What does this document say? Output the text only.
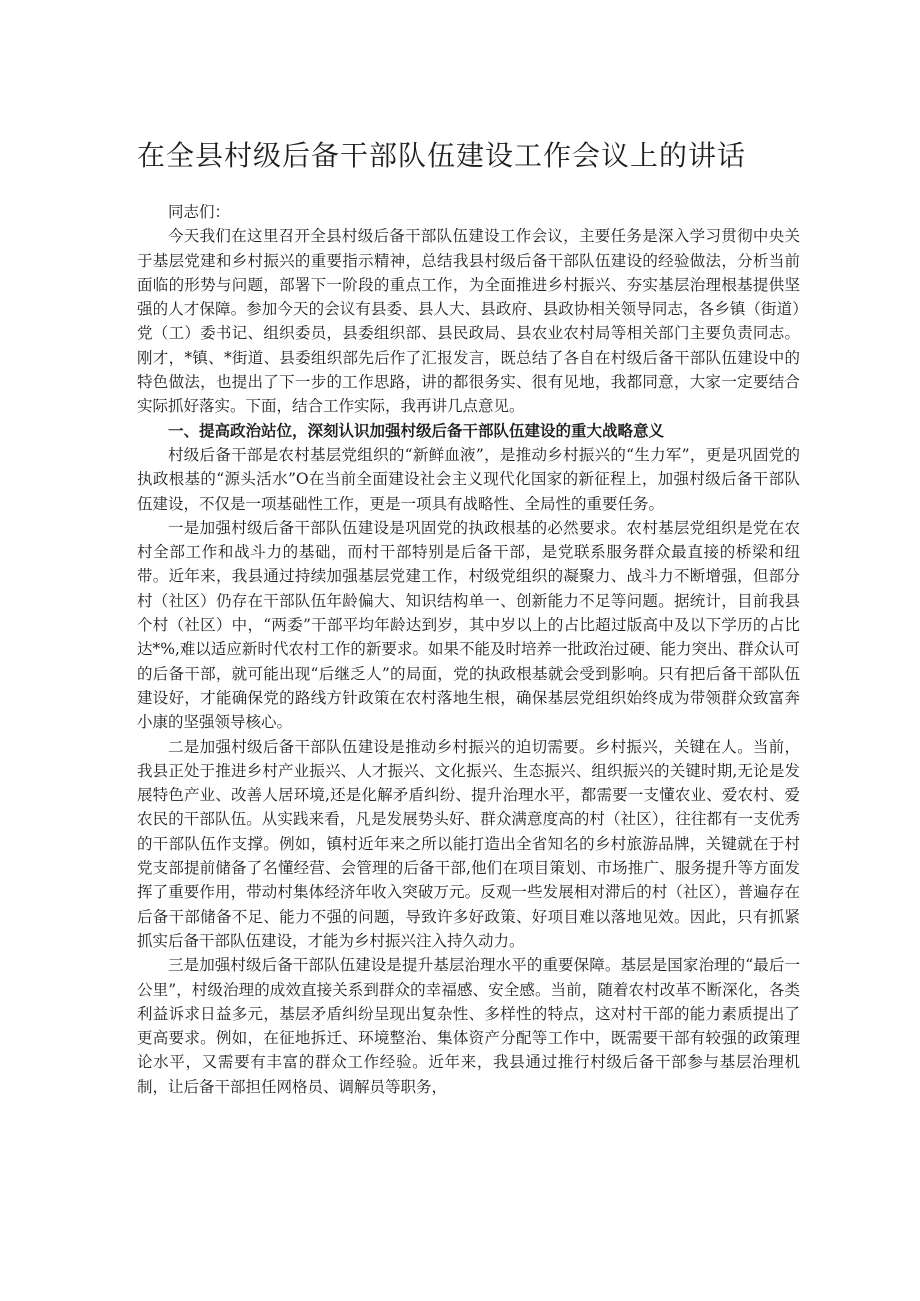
在全县村级后备干部队伍建设工作会议上的讲话

同志们：

今天我们在这里召开全县村级后备干部队伍建设工作会议，主要任务是深入学习贯彻中央关于基层党建和乡村振兴的重要指示精神，总结我县村级后备干部队伍建设的经验做法，分析当前面临的形势与问题，部署下一阶段的重点工作，为全面推进乡村振兴、夯实基层治理根基提供坚强的人才保障。参加今天的会议有县委、县人大、县政府、县政协相关领导同志，各乡镇（街道）党（工）委书记、组织委员，县委组织部、县民政局、县农业农村局等相关部门主要负责同志。刚才，*镇、*街道、县委组织部先后作了汇报发言，既总结了各自在村级后备干部队伍建设中的特色做法，也提出了下一步的工作思路，讲的都很务实、很有见地，我都同意，大家一定要结合实际抓好落实。下面，结合工作实际，我再讲几点意见。

一、提高政治站位，深刻认识加强村级后备干部队伍建设的重大战略意义

村级后备干部是农村基层党组织的“新鲜血液”，是推动乡村振兴的“生力军”，更是巩固党的执政根基的“源头活水”O在当前全面建设社会主义现代化国家的新征程上，加强村级后备干部队伍建设，不仅是一项基础性工作，更是一项具有战略性、全局性的重要任务。

一是加强村级后备干部队伍建设是巩固党的执政根基的必然要求。农村基层党组织是党在农村全部工作和战斗力的基础，而村干部特别是后备干部，是党联系服务群众最直接的桥梁和纽带。近年来，我县通过持续加强基层党建工作，村级党组织的凝聚力、战斗力不断增强，但部分村（社区）仍存在干部队伍年龄偏大、知识结构单一、创新能力不足等问题。据统计，目前我县个村（社区）中，“两委”干部平均年龄达到岁，其中岁以上的占比超过版高中及以下学历的占比达*%,难以适应新时代农村工作的新要求。如果不能及时培养一批政治过硬、能力突出、群众认可的后备干部，就可能出现“后继乏人”的局面，党的执政根基就会受到影响。只有把后备干部队伍建设好，才能确保党的路线方针政策在农村落地生根，确保基层党组织始终成为带领群众致富奔小康的坚强领导核心。

二是加强村级后备干部队伍建设是推动乡村振兴的迫切需要。乡村振兴，关键在人。当前，我县正处于推进乡村产业振兴、人才振兴、文化振兴、生态振兴、组织振兴的关键时期,无论是发展特色产业、改善人居环境,还是化解矛盾纠纷、提升治理水平，都需要一支懂农业、爱农村、爱农民的干部队伍。从实践来看，凡是发展势头好、群众满意度高的村（社区），往往都有一支优秀的干部队伍作支撑。例如，镇村近年来之所以能打造出全省知名的乡村旅游品牌，关键就在于村党支部提前储备了名懂经营、会管理的后备干部,他们在项目策划、市场推广、服务提升等方面发挥了重要作用，带动村集体经济年收入突破万元。反观一些发展相对滞后的村（社区），普遍存在后备干部储备不足、能力不强的问题，导致许多好政策、好项目难以落地见效。因此，只有抓紧抓实后备干部队伍建设，才能为乡村振兴注入持久动力。

三是加强村级后备干部队伍建设是提升基层治理水平的重要保障。基层是国家治理的“最后一公里”，村级治理的成效直接关系到群众的幸福感、安全感。当前，随着农村改革不断深化，各类利益诉求日益多元，基层矛盾纠纷呈现出复杂性、多样性的特点，这对村干部的能力素质提出了更高要求。例如，在征地拆迁、环境整治、集体资产分配等工作中，既需要干部有较强的政策理论水平，又需要有丰富的群众工作经验。近年来，我县通过推行村级后备干部参与基层治理机制，让后备干部担任网格员、调解员等职务，
